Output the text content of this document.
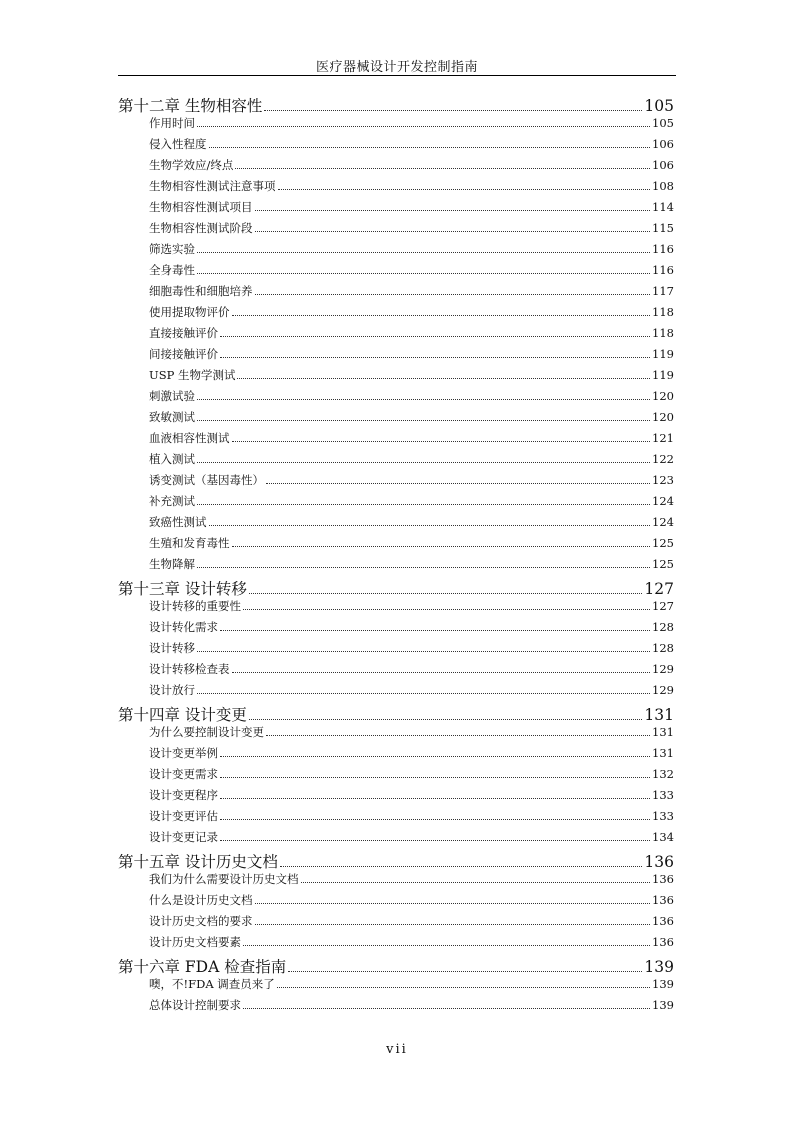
医疗器械设计开发控制指南
第十二章 生物相容性	105
作用时间	105
侵入性程度	106
生物学效应/终点	106
生物相容性测试注意事项	108
生物相容性测试项目	114
生物相容性测试阶段	115
筛选实验	116
全身毒性	116
细胞毒性和细胞培养	117
使用提取物评价	118
直接接触评价	118
间接接触评价	119
USP 生物学测试	119
刺激试验	120
致敏测试	120
血液相容性测试	121
植入测试	122
诱变测试（基因毒性）	123
补充测试	124
致癌性测试	124
生殖和发育毒性	125
生物降解	125
第十三章 设计转移	127
设计转移的重要性	127
设计转化需求	128
设计转移	128
设计转移检查表	129
设计放行	129
第十四章 设计变更	131
为什么要控制设计变更	131
设计变更举例	131
设计变更需求	132
设计变更程序	133
设计变更评估	133
设计变更记录	134
第十五章 设计历史文档	136
我们为什么需要设计历史文档	136
什么是设计历史文档	136
设计历史文档的要求	136
设计历史文档要素	136
第十六章 FDA 检查指南	139
噢，不!FDA 调查员来了	139
总体设计控制要求	139
vii
